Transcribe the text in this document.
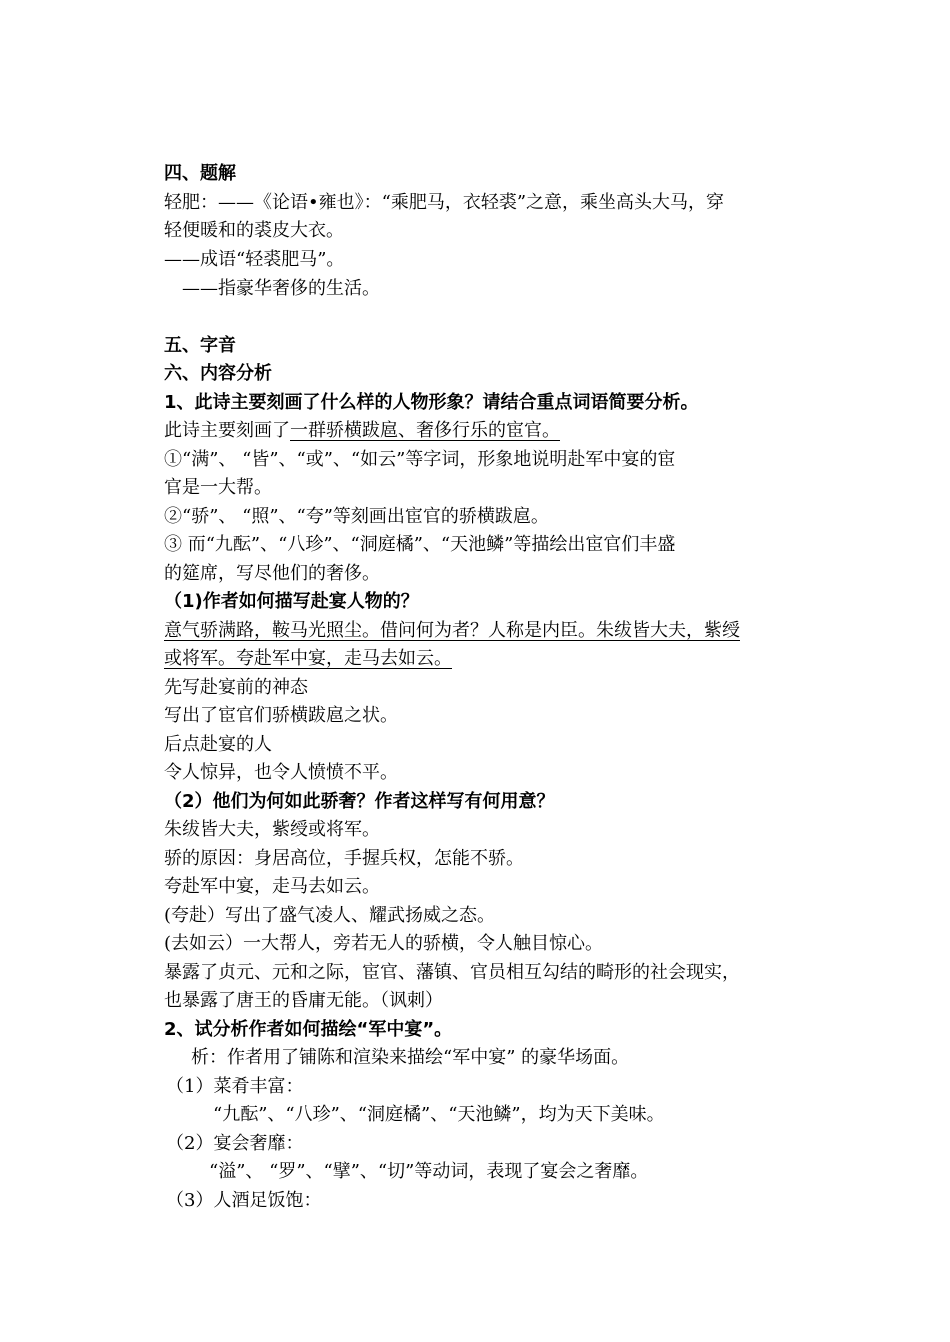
四、题解
轻肥：——《论语•雍也》：“乘肥马，衣轻裘”之意，乘坐高头大马，穿
轻便暖和的裘皮大衣。
——成语“轻裘肥马”。
——指豪华奢侈的生活。
五、字音
六、内容分析
1、此诗主要刻画了什么样的人物形象？请结合重点词语简要分析。
此诗主要刻画了一群骄横跋扈、奢侈行乐的宦官。
①“满”、 “皆”、“或”、“如云”等字词，形象地说明赴军中宴的宦
官是一大帮。
②“骄”、 “照”、“夸”等刻画出宦官的骄横跋扈。
③ 而“九酝”、“八珍”、“洞庭橘”、“天池鳞”等描绘出宦官们丰盛
的筵席，写尽他们的奢侈。
（1)作者如何描写赴宴人物的？
意气骄满路，鞍马光照尘。借问何为者？人称是内臣。朱绂皆大夫，紫绶
或将军。夸赴军中宴，走马去如云。
先写赴宴前的神态
写出了宦官们骄横跋扈之状。
后点赴宴的人
令人惊异，也令人愤愤不平。
（2）他们为何如此骄奢？作者这样写有何用意？
朱绂皆大夫，紫绶或将军。
骄的原因：身居高位，手握兵权，怎能不骄。
夸赴军中宴，走马去如云。
(夸赴）写出了盛气凌人、耀武扬威之态。
(去如云）一大帮人，旁若无人的骄横，令人触目惊心。
暴露了贞元、元和之际，宦官、藩镇、官员相互勾结的畸形的社会现实，
也暴露了唐王的昏庸无能。（讽刺）
2、试分析作者如何描绘“军中宴”。
析：作者用了铺陈和渲染来描绘“军中宴” 的豪华场面。
（1）菜肴丰富：
“九酝”、“八珍”、“洞庭橘”、“天池鳞”，均为天下美味。
（2）宴会奢靡：
“溢”、 “罗”、“擘”、“切”等动词，表现了宴会之奢靡。
（3）人酒足饭饱：
